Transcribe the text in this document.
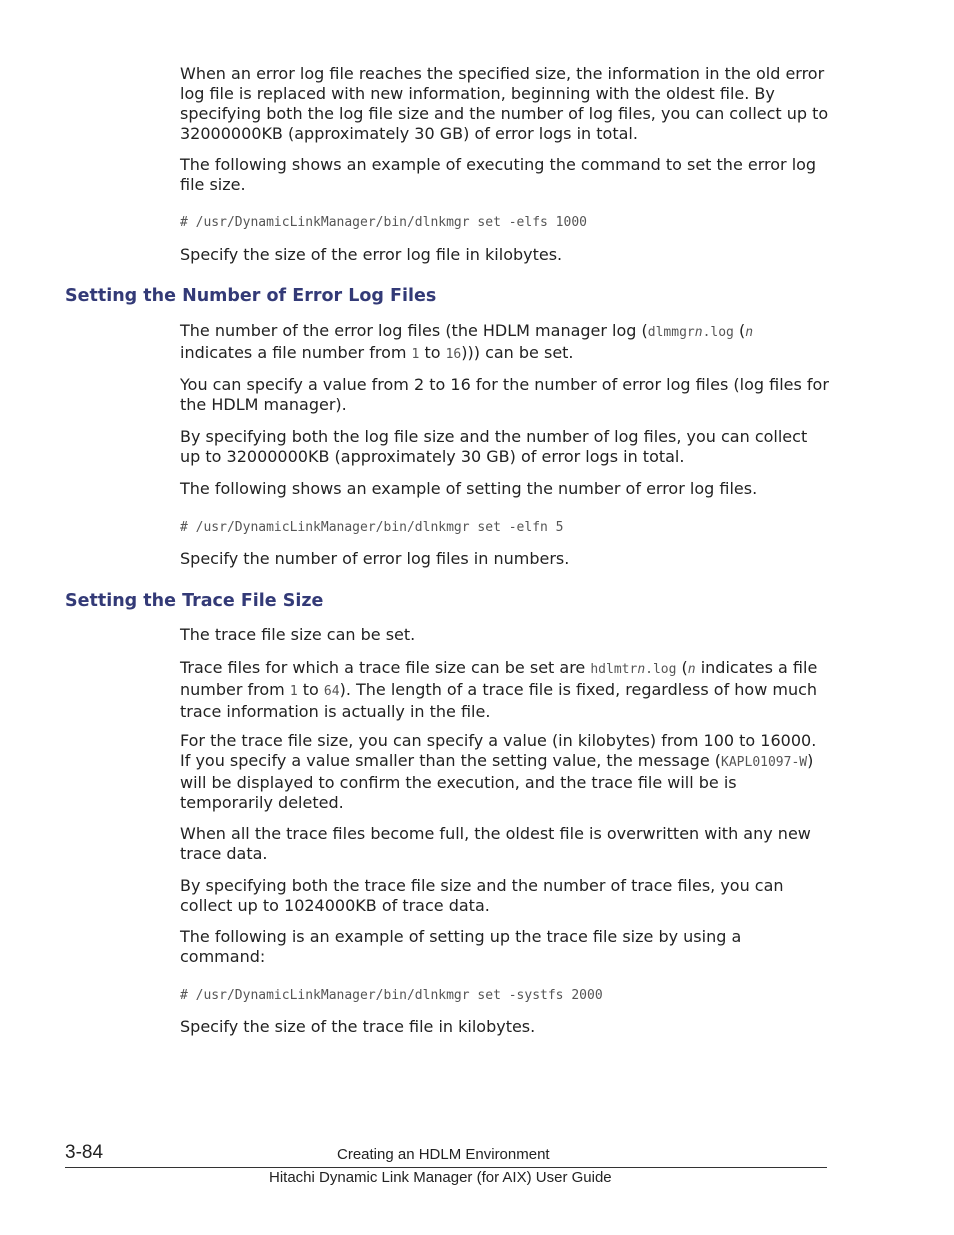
When an error log file reaches the specified size, the information in the old error log file is replaced with new information, beginning with the oldest file. By specifying both the log file size and the number of log files, you can collect up to 32000000KB (approximately 30 GB) of error logs in total.

The following shows an example of executing the command to set the error log file size.

# /usr/DynamicLinkManager/bin/dlnkmgr set -elfs 1000

Specify the size of the error log file in kilobytes.

Setting the Number of Error Log Files

The number of the error log files (the HDLM manager log (dlmmgrn.log (n
indicates a file number from 1 to 16))) can be set.

You can specify a value from 2 to 16 for the number of error log files (log files for the HDLM manager).

By specifying both the log file size and the number of log files, you can collect up to 32000000KB (approximately 30 GB) of error logs in total.

The following shows an example of setting the number of error log files.

# /usr/DynamicLinkManager/bin/dlnkmgr set -elfn 5

Specify the number of error log files in numbers.

Setting the Trace File Size

The trace file size can be set.

Trace files for which a trace file size can be set are hdlmtrn.log (n indicates a file number from 1 to 64). The length of a trace file is fixed, regardless of how much trace information is actually in the file.

For the trace file size, you can specify a value (in kilobytes) from 100 to 16000. If you specify a value smaller than the setting value, the message (KAPL01097-W) will be displayed to confirm the execution, and the trace file will be is temporarily deleted.

When all the trace files become full, the oldest file is overwritten with any new trace data.

By specifying both the trace file size and the number of trace files, you can collect up to 1024000KB of trace data.

The following is an example of setting up the trace file size by using a command:

# /usr/DynamicLinkManager/bin/dlnkmgr set -systfs 2000

Specify the size of the trace file in kilobytes.

3-84	Creating an HDLM Environment
Hitachi Dynamic Link Manager (for AIX) User Guide
